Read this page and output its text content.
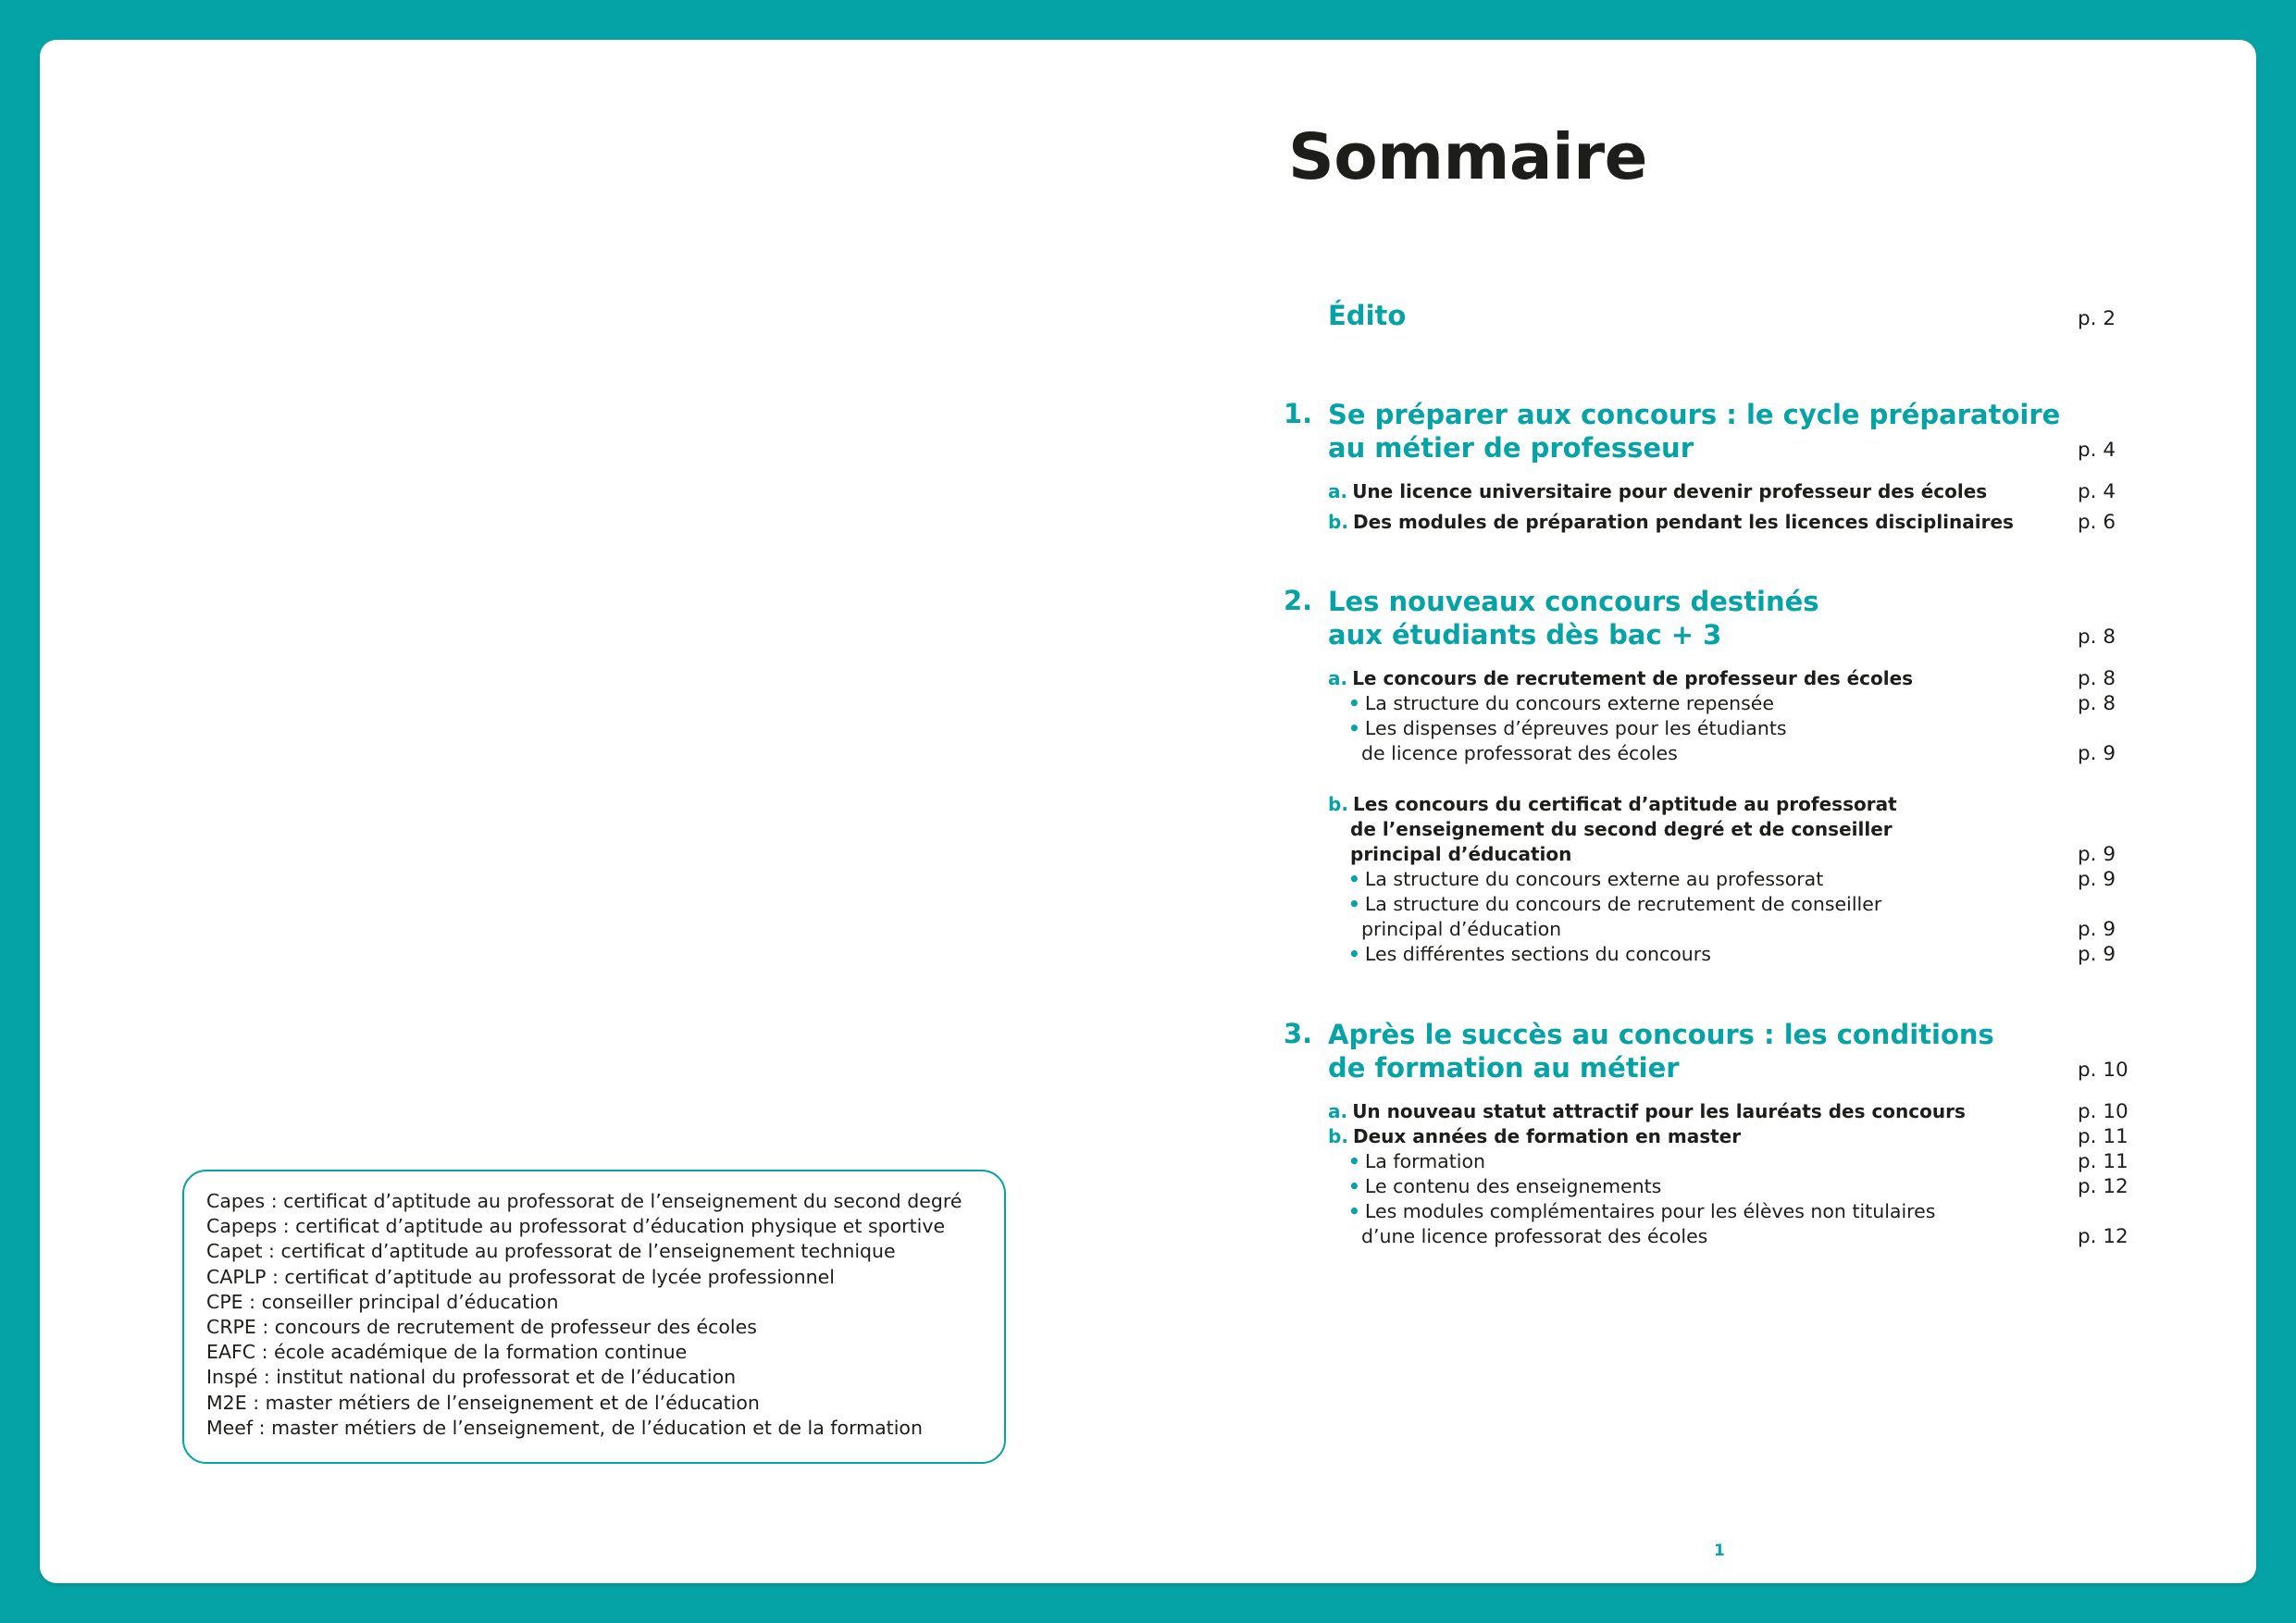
Capes : certificat d’aptitude au professorat de l’enseignement du second degré
Capeps : certificat d’aptitude au professorat d’éducation physique et sportive
Capet : certificat d’aptitude au professorat de l’enseignement technique
CAPLP : certificat d’aptitude au professorat de lycée professionnel
CPE : conseiller principal d’éducation
CRPE : concours de recrutement de professeur des écoles
EAFC : école académique de la formation continue
Inspé : institut national du professorat et de l’éducation
M2E : master métiers de l’enseignement et de l’éducation
Meef : master métiers de l’enseignement, de l’éducation et de la formation
Sommaire
Édito	p. 2
1. Se préparer aux concours : le cycle préparatoire
au métier de professeur	p. 4
a. Une licence universitaire pour devenir professeur des écoles	p. 4
b. Des modules de préparation pendant les licences disciplinaires	p. 6
2. Les nouveaux concours destinés
aux étudiants dès bac + 3	p. 8
a. Le concours de recrutement de professeur des écoles	p. 8
• La structure du concours externe repensée	p. 8
• Les dispenses d’épreuves pour les étudiants
de licence professorat des écoles	p. 9
b. Les concours du certificat d’aptitude au professorat
de l’enseignement du second degré et de conseiller
principal d’éducation	p. 9
• La structure du concours externe au professorat	p. 9
• La structure du concours de recrutement de conseiller
principal d’éducation	p. 9
• Les différentes sections du concours	p. 9
3. Après le succès au concours : les conditions
de formation au métier	p. 10
a. Un nouveau statut attractif pour les lauréats des concours	p. 10
b. Deux années de formation en master	p. 11
• La formation	p. 11
• Le contenu des enseignements	p. 12
• Les modules complémentaires pour les élèves non titulaires
d’une licence professorat des écoles	p. 12
1
